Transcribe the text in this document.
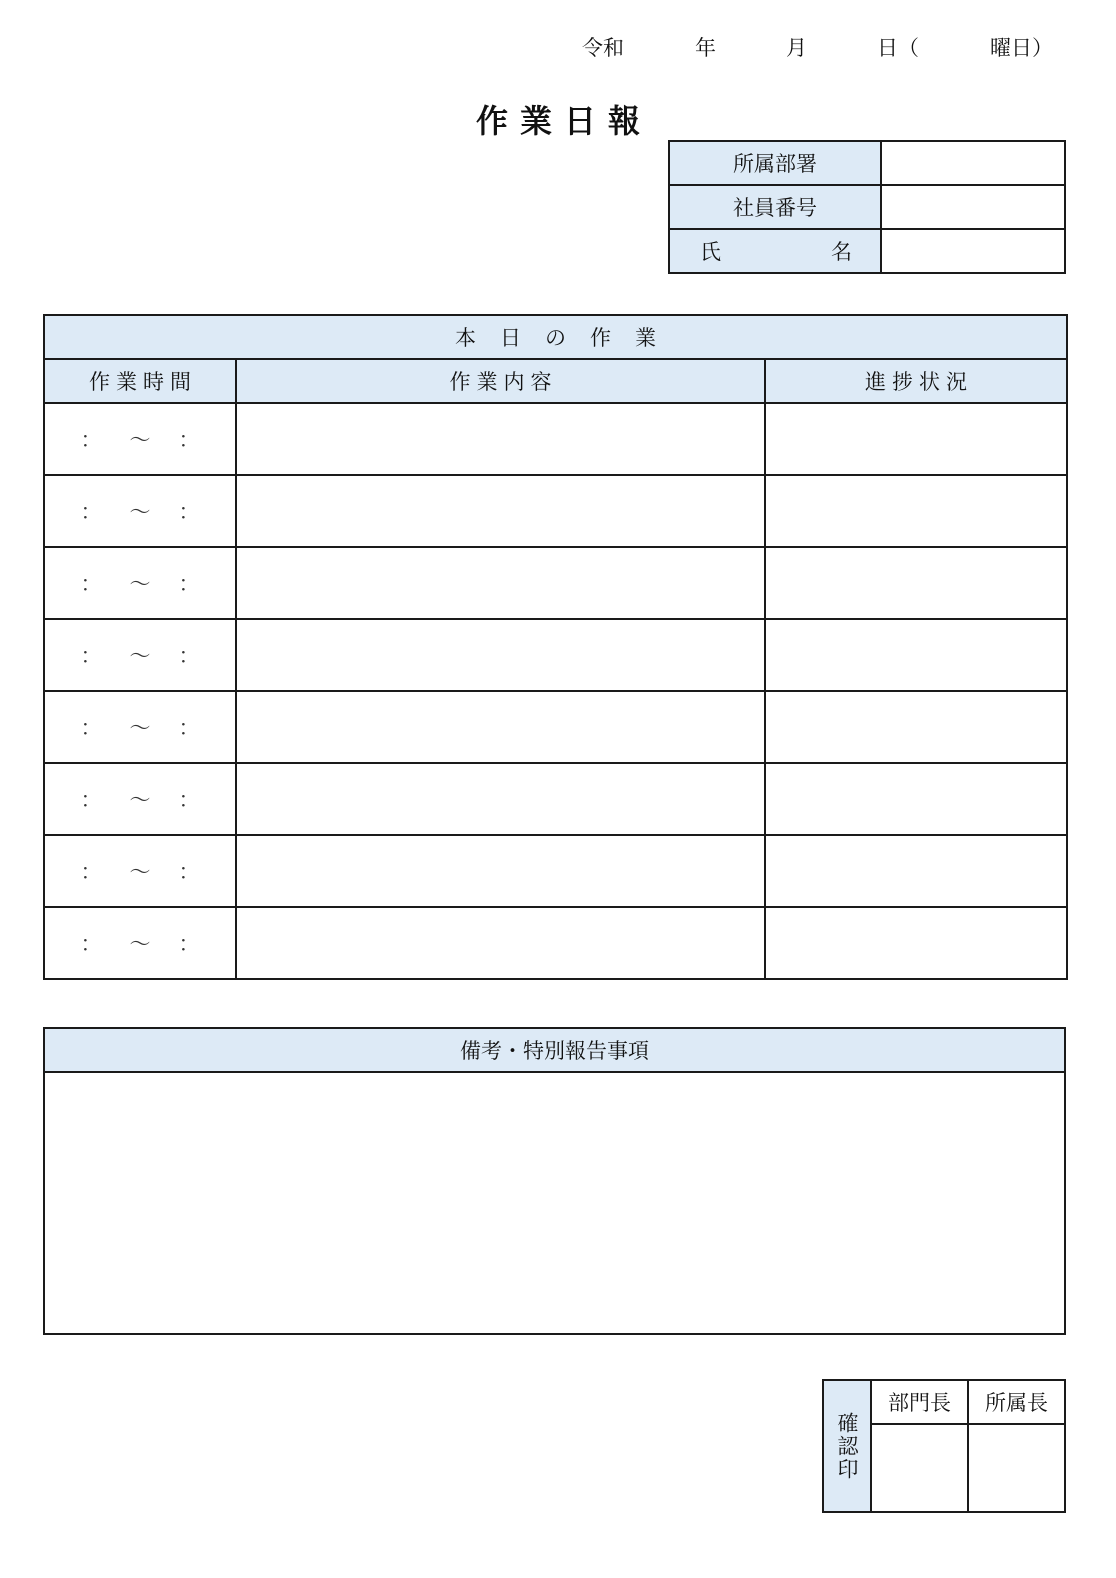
令和	年	月	日（	曜日）
作業日報
所属部署	
社員番号	
氏　名	
本日の作業		
作業時間	作業内容	進捗状況
： ～ ：		
： ～ ：		
： ～ ：		
： ～ ：		
： ～ ：		
： ～ ：		
： ～ ：		
： ～ ：		
備考・特別報告事項

確認印	部門長	所属長
